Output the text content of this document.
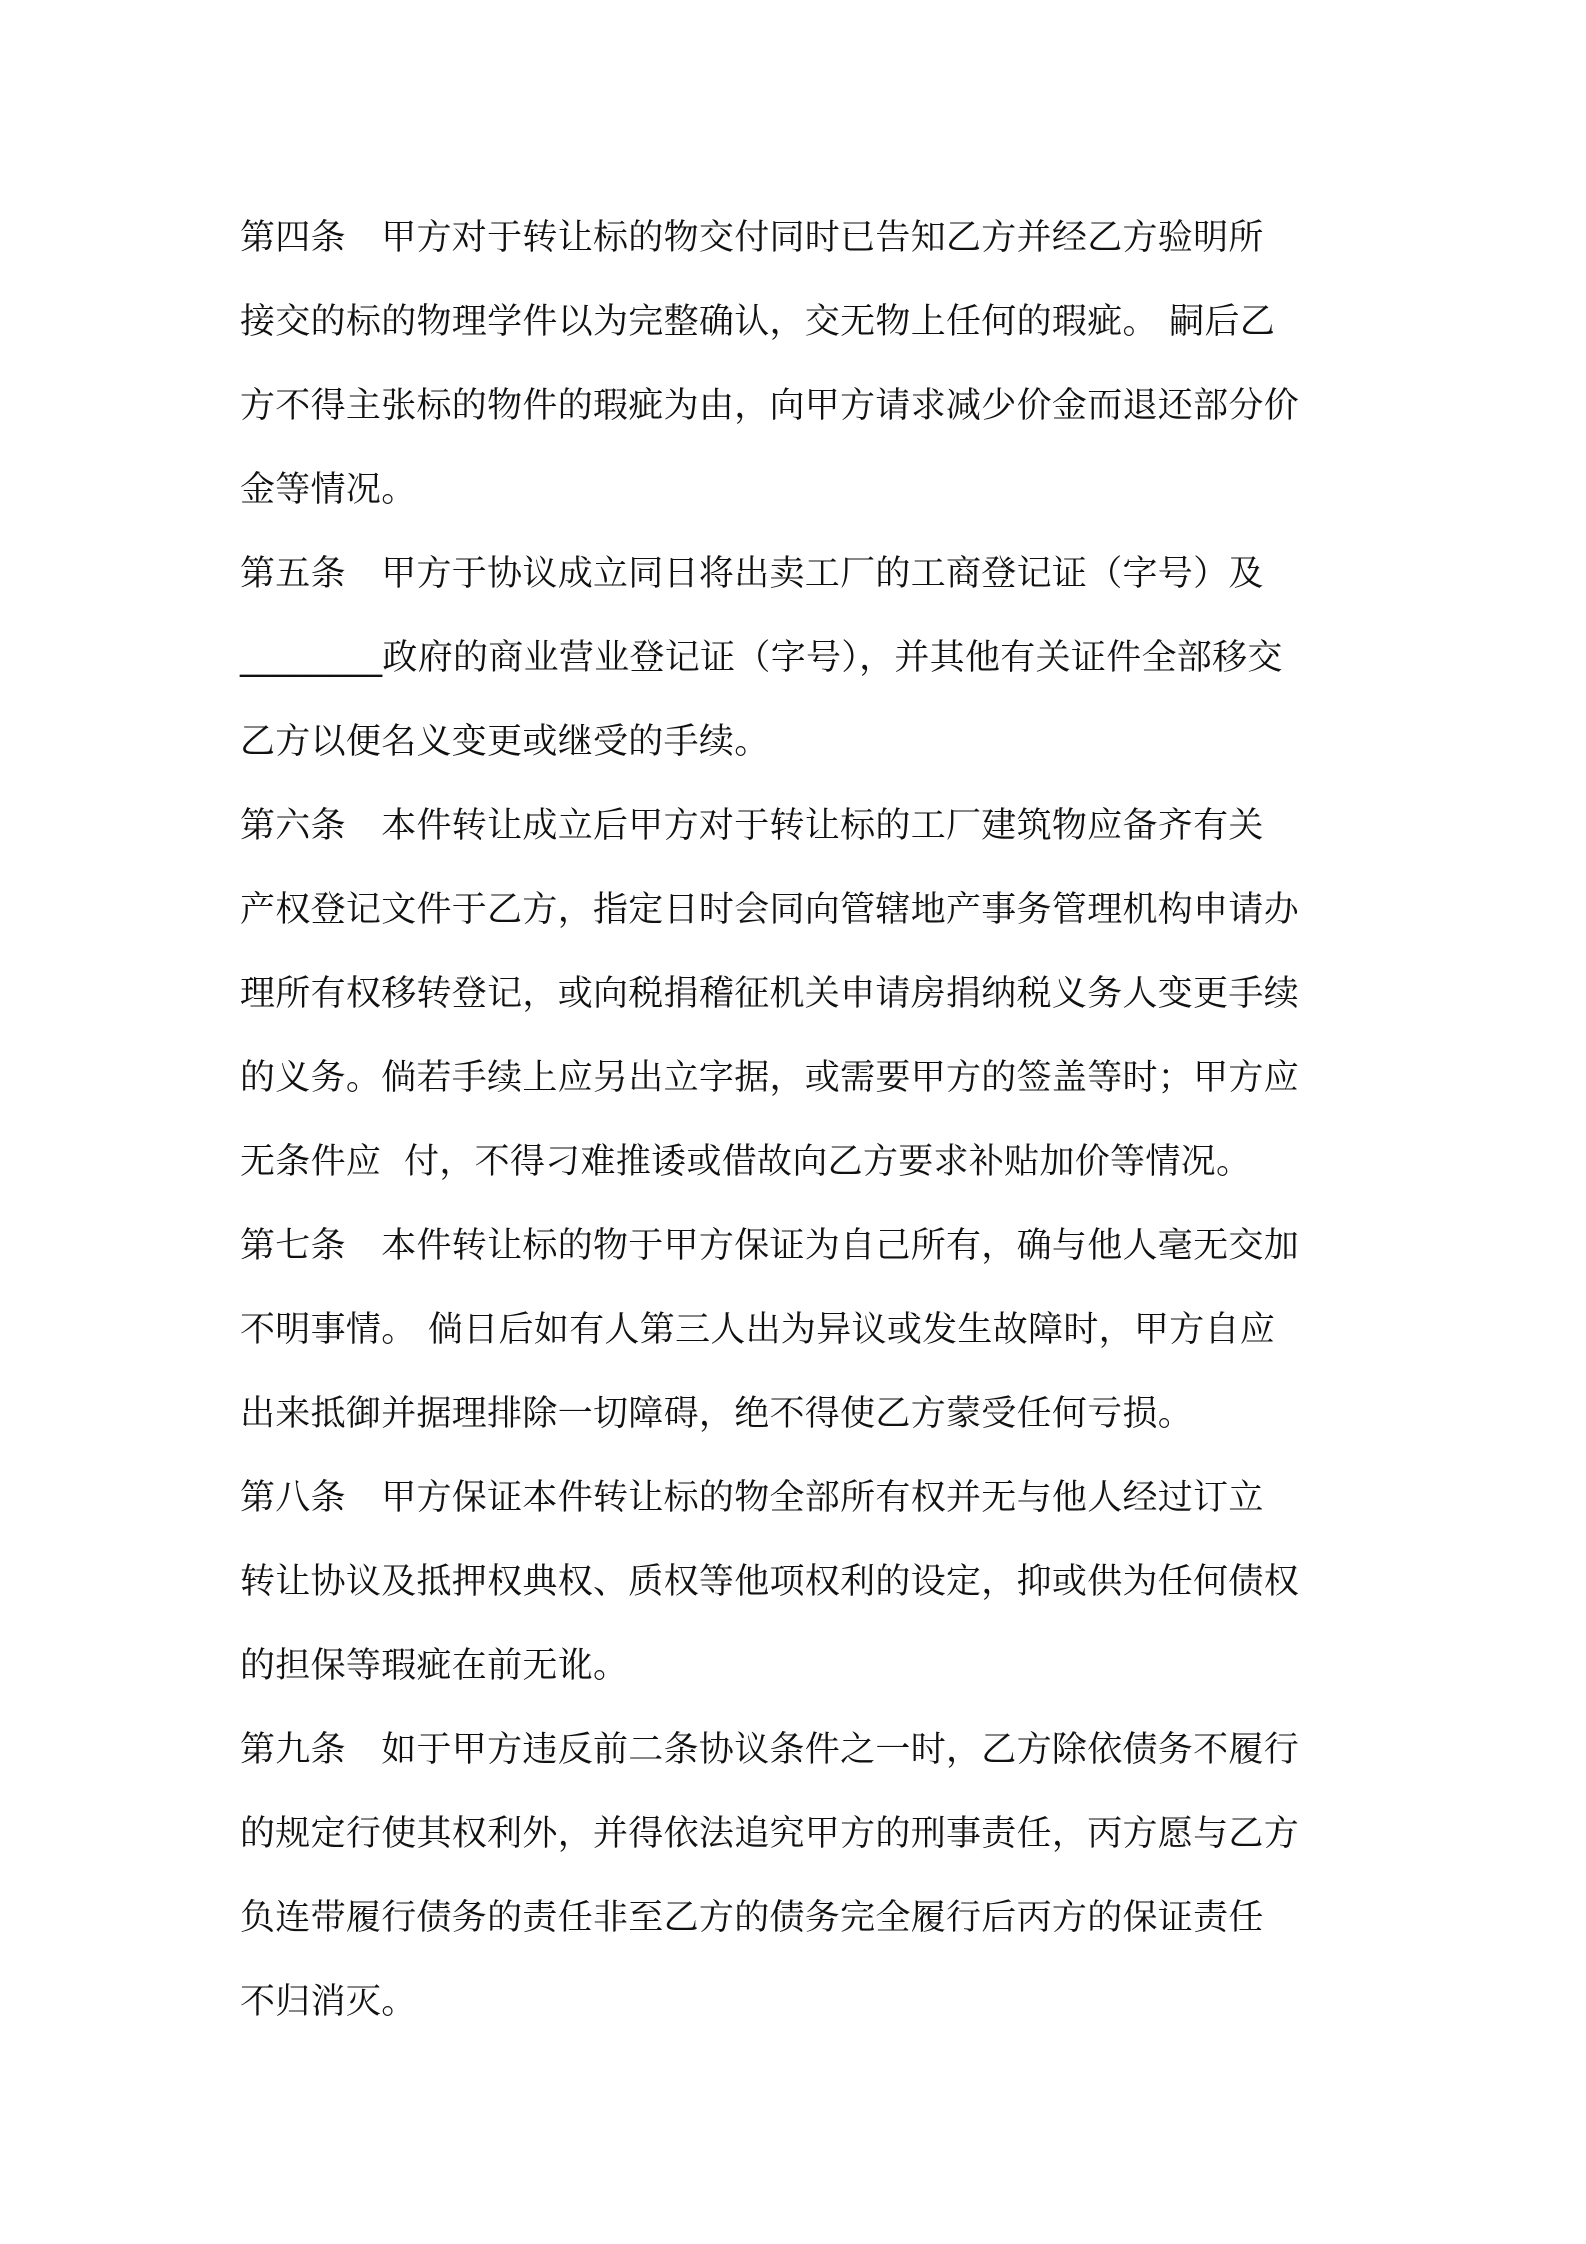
第四条　甲方对于转让标的物交付同时已告知乙方并经乙方验明所
接交的标的物理学件以为完整确认，交无物上任何的瑕疵。 嗣后乙
方不得主张标的物件的瑕疵为由，向甲方请求减少价金而退还部分价
金等情况。
第五条　甲方于协议成立同日将出卖工厂的工商登记证（字号）及
________政府的商业营业登记证（字号），并其他有关证件全部移交
乙方以便名义变更或继受的手续。
第六条　本件转让成立后甲方对于转让标的工厂建筑物应备齐有关
产权登记文件于乙方，指定日时会同向管辖地产事务管理机构申请办
理所有权移转登记，或向税捐稽征机关申请房捐纳税义务人变更手续
的义务。倘若手续上应另出立字据，或需要甲方的签盖等时；甲方应
无条件应  付，不得刁难推诿或借故向乙方要求补贴加价等情况。
第七条　本件转让标的物于甲方保证为自己所有，确与他人毫无交加
不明事情。 倘日后如有人第三人出为异议或发生故障时，甲方自应
出来抵御并据理排除一切障碍，绝不得使乙方蒙受任何亏损。
第八条　甲方保证本件转让标的物全部所有权并无与他人经过订立
转让协议及抵押权典权、质权等他项权利的设定，抑或供为任何债权
的担保等瑕疵在前无讹。
第九条　如于甲方违反前二条协议条件之一时，乙方除依债务不履行
的规定行使其权利外，并得依法追究甲方的刑事责任，丙方愿与乙方
负连带履行债务的责任非至乙方的债务完全履行后丙方的保证责任
不归消灭。
